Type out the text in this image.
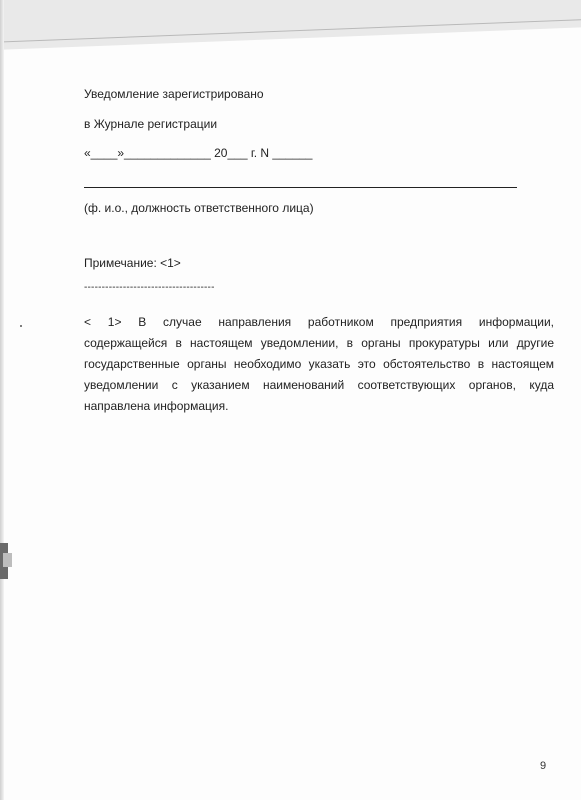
Уведомление зарегистрировано
в Журнале регистрации
«____»_____________ 20___ г. N ______
(ф. и.о., должность ответственного лица)
Примечание: <1>
-------------------------------------
< 1> В случае направления работником предприятия информации,
содержащейся в настоящем уведомлении, в органы прокуратуры или другие
государственные органы необходимо указать это обстоятельство в настоящем
уведомлении с указанием наименований соответствующих органов, куда
направлена информация.
9
